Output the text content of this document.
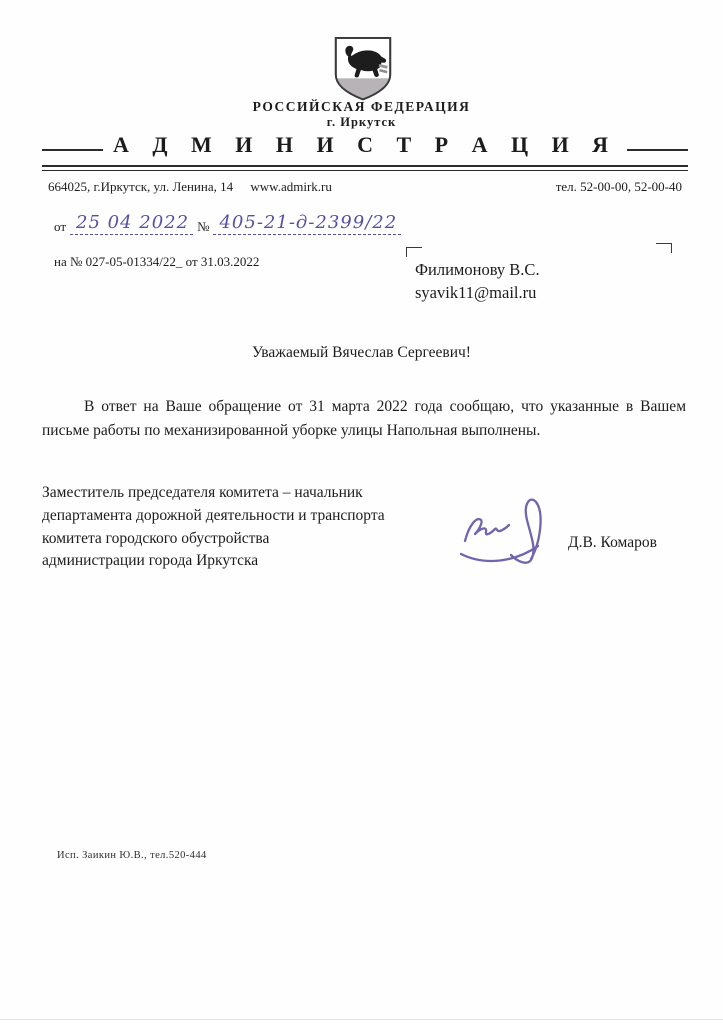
РОССИЙСКАЯ ФЕДЕРАЦИЯ
г. Иркутск
А Д М И Н И С Т Р А Ц И Я
664025, г.Иркутск, ул. Ленина, 14 www.admirk.ru	тел. 52-00-00, 52-00-40
от 25 04 2022 № 405-21-д-2399/22
на № 027-05-01334/22_ от 31.03.2022	Филимонову В.С.
syavik11@mail.ru
Уважаемый Вячеслав Сергеевич!

В ответ на Ваше обращение от 31 марта 2022 года сообщаю, что указанные в Вашем письме работы по механизированной уборке улицы Напольная выполнены.

Заместитель председателя комитета – начальник
департамента дорожной деятельности и транспорта
комитета городского обустройства
администрации города Иркутска
Д.В. Комаров
Исп. Заикин Ю.В., тел.520-444
